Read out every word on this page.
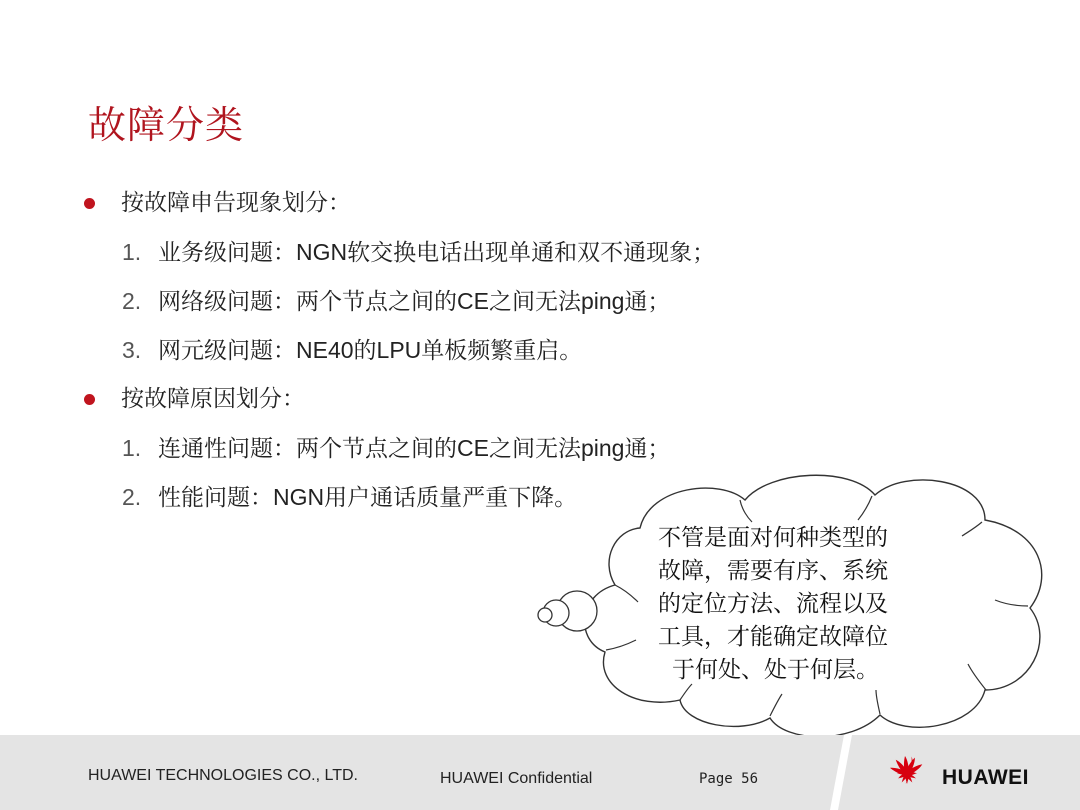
故障分类
按故障申告现象划分：
1. 业务级问题：NGN软交换电话出现单通和双不通现象；
2. 网络级问题：两个节点之间的CE之间无法ping通；
3. 网元级问题：NE40的LPU单板频繁重启。
按故障原因划分：
1. 连通性问题：两个节点之间的CE之间无法ping通；
2. 性能问题：NGN用户通话质量严重下降。
不管是面对何种类型的
故障，需要有序、系统
的定位方法、流程以及
工具，才能确定故障位
于何处、处于何层。
HUAWEI TECHNOLOGIES CO., LTD.	HUAWEI Confidential	Page 56	HUAWEI
